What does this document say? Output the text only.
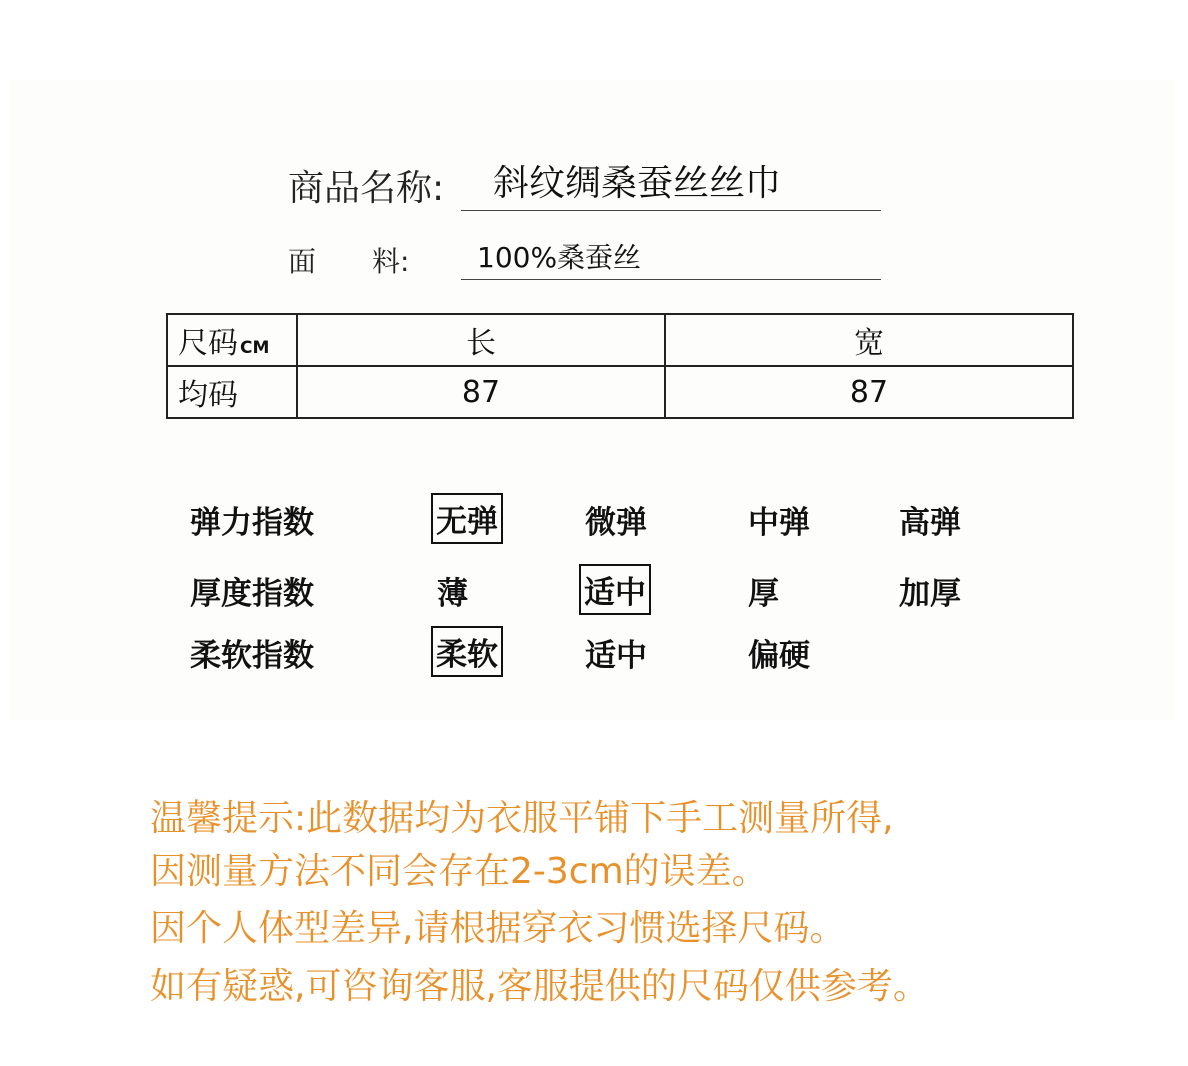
商品名称: 斜纹绸桑蚕丝丝巾
面　　料: 100%桑蚕丝
尺码 CM	长	宽
均码	87	87
弹力指数	无弹	微弹	中弹	高弹
厚度指数	薄	适中	厚	加厚
柔软指数	柔软	适中	偏硬
温馨提示:此数据均为衣服平铺下手工测量所得,
因测量方法不同会存在2-3cm的误差。
因个人体型差异,请根据穿衣习惯选择尺码。
如有疑惑,可咨询客服,客服提供的尺码仅供参考。
